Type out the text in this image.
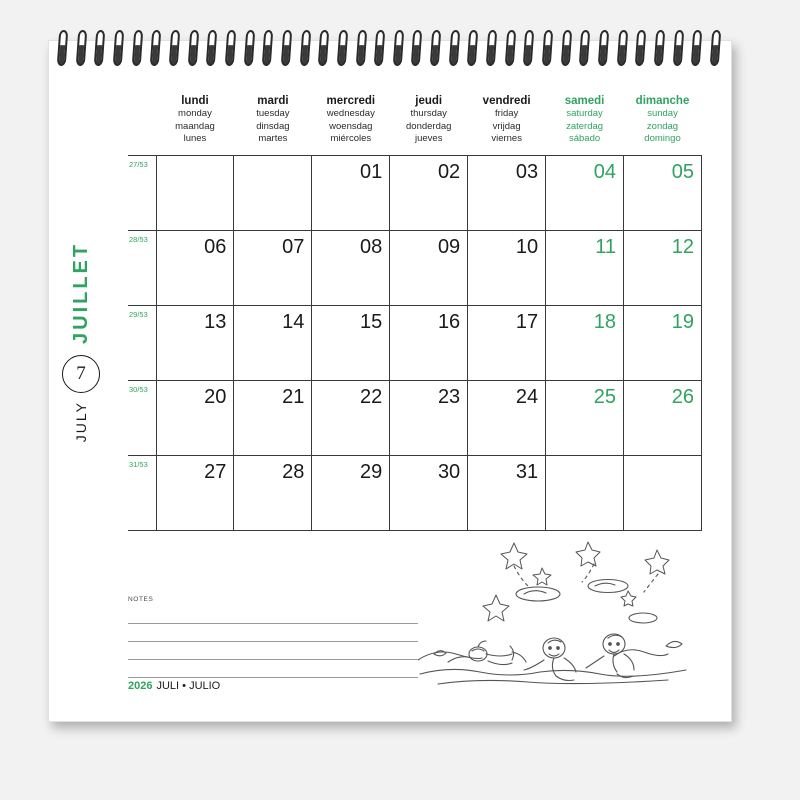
JUILLET
7
JULY

lundi
monday
maandag
lunes

mardi
tuesday
dinsdag
martes

mercredi
wednesday
woensdag
miércoles

jeudi
thursday
donderdag
jueves

vendredi
friday
vrijdag
viernes

samedi
saturday
zaterdag
sábado

dimanche
sunday
zondag
domingo

27/53			01	02	03	04	05

28/53	06	07	08	09	10	11	12

29/53	13	14	15	16	17	18	19

30/53	20	21	22	23	24	25	26

31/53	27	28	29	30	31		

NOTES
2026 JULI • JULIO
